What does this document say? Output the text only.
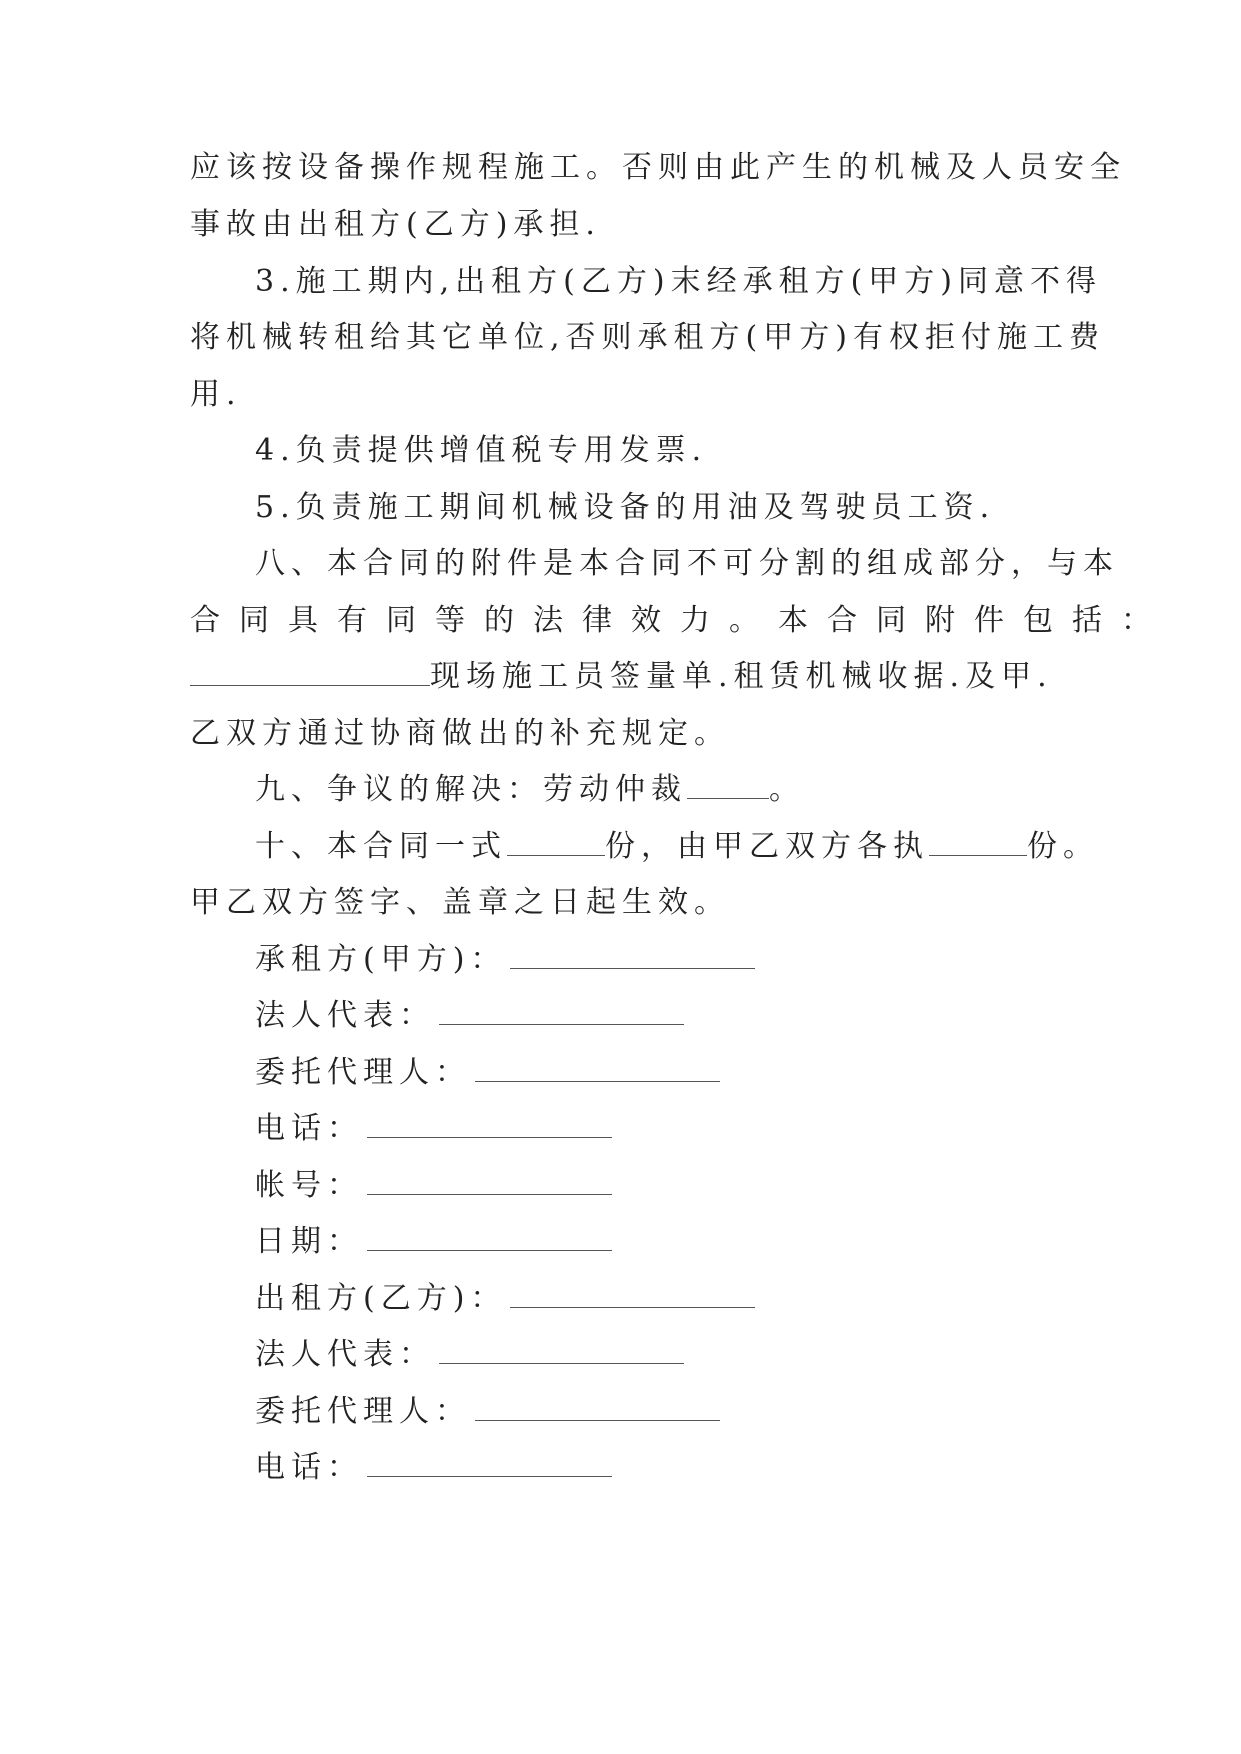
应该按设备操作规程施工。否则由此产生的机械及人员安全
事故由出租方(乙方)承担.
3.施工期内,出租方(乙方)末经承租方(甲方)同意不得
将机械转租给其它单位,否则承租方(甲方)有权拒付施工费
用.
4.负责提供增值税专用发票.
5.负责施工期间机械设备的用油及驾驶员工资.
八、本合同的附件是本合同不可分割的组成部分，与本
合同具有同等的法律效力。本合同附件包括：
现场施工员签量单.租赁机械收据.及甲.
乙双方通过协商做出的补充规定。
九、争议的解决：劳动仲裁	。
十、本合同一式	份，由甲乙双方各执	份。
甲乙双方签字、盖章之日起生效。
承租方(甲方)：
法人代表：
委托代理人：
电话：
帐号：
日期：
出租方(乙方)：
法人代表：
委托代理人：
电话：
